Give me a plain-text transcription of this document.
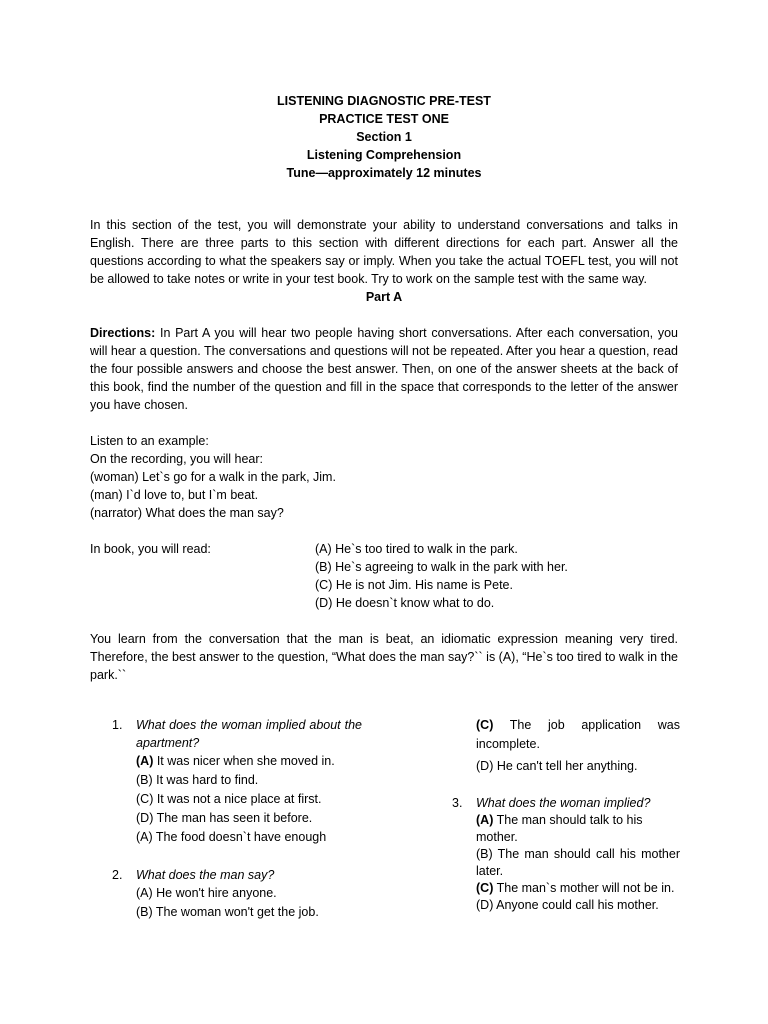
LISTENING DIAGNOSTIC PRE-TEST
PRACTICE TEST ONE
Section 1
Listening Comprehension
Tune—approximately 12 minutes

In this section of the test, you will demonstrate your ability to understand conversations and talks in English. There are three parts to this section with different directions for each part. Answer all the questions according to what the speakers say or imply. When you take the actual TOEFL test, you will not be allowed to take notes or write in your test book. Try to work on the sample test with the same way.

Part A

Directions: In Part A you will hear two people having short conversations. After each conversation, you will hear a question. The conversations and questions will not be repeated. After you hear a question, read the four possible answers and choose the best answer. Then, on one of the answer sheets at the back of this book, find the number of the question and fill in the space that corresponds to the letter of the answer you have chosen.

Listen to an example:
On the recording, you will hear:
(woman) Let`s go for a walk in the park, Jim.
(man) I`d love to, but I`m beat.
(narrator) What does the man say?
In book, you will read:	(A) He`s too tired to walk in the park.
(B) He`s agreeing to walk in the park with her.
(C) He is not Jim. His name is Pete.
(D) He doesn`t know what to do.

You learn from the conversation that the man is beat, an idiomatic expression meaning very tired. Therefore, the best answer to the question, “What does the man say?`` is (A), “He`s too tired to walk in the park.``

1.	What does the woman implied about the apartment?
(A) It was nicer when she moved in.
(B) It was hard to find.
(C) It was not a nice place at first.
(D) The man has seen it before.
(A) The food doesn`t have enough
2.	What does the man say?
(A) He won't hire anyone.
(B) The woman won't get the job.
(C) The job application was incomplete.
(D) He can't tell her anything.
3.	What does the woman implied?
(A) The man should talk to his mother.
(B) The man should call his mother later.
(C) The man`s mother will not be in.
(D) Anyone could call his mother.
